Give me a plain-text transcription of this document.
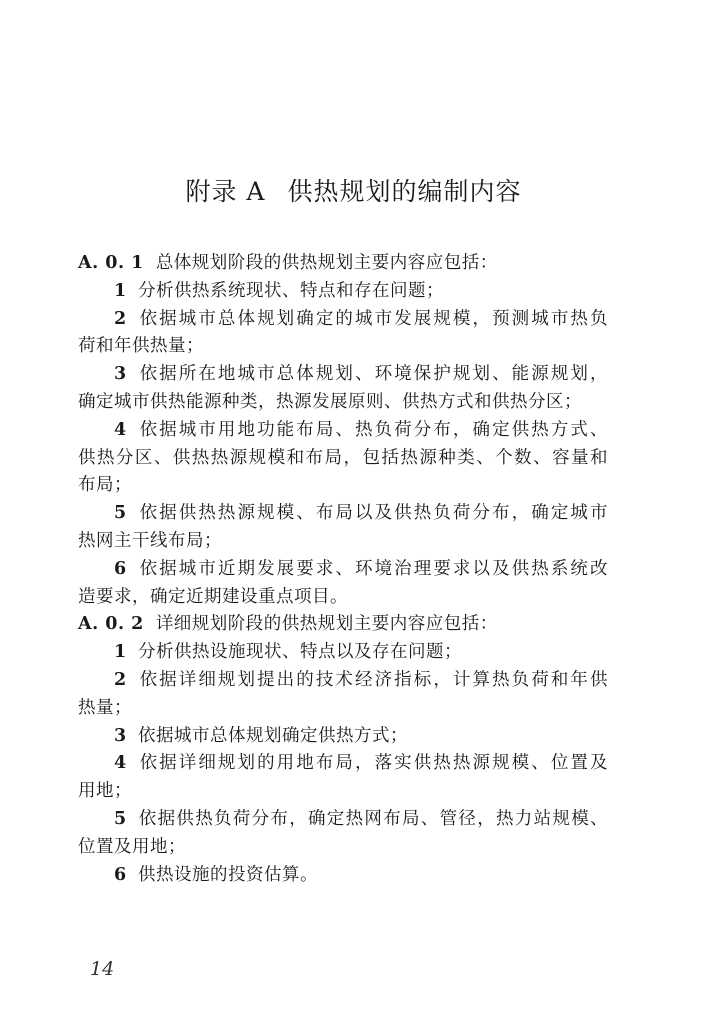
附录 A 供热规划的编制内容
A. 0. 1 总体规划阶段的供热规划主要内容应包括：
1 分析供热系统现状、特点和存在问题；
2 依据城市总体规划确定的城市发展规模，预测城市热负
荷和年供热量；
3 依据所在地城市总体规划、环境保护规划、能源规划，
确定城市供热能源种类，热源发展原则、供热方式和供热分区；
4 依据城市用地功能布局、热负荷分布，确定供热方式、
供热分区、供热热源规模和布局，包括热源种类、个数、容量和
布局；
5 依据供热热源规模、布局以及供热负荷分布，确定城市
热网主干线布局；
6 依据城市近期发展要求、环境治理要求以及供热系统改
造要求，确定近期建设重点项目。
A. 0. 2 详细规划阶段的供热规划主要内容应包括：
1 分析供热设施现状、特点以及存在问题；
2 依据详细规划提出的技术经济指标，计算热负荷和年供
热量；
3 依据城市总体规划确定供热方式；
4 依据详细规划的用地布局，落实供热热源规模、位置及
用地；
5 依据供热负荷分布，确定热网布局、管径，热力站规模、
位置及用地；
6 供热设施的投资估算。
14
